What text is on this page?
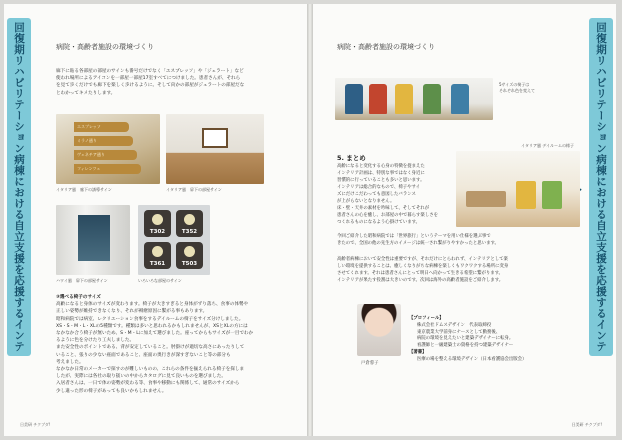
回復期リハビリテーション病棟における自立支援を応援するインテ
病院・高齢者施設の環境づくり
廊下に貼る各部屋の部屋のサインも番号だけでなく「エスプレッソ」や「ジェラート」など
使われ場所によるアイコンを一部屋一部屋17室すべてにつけました。患者さんが、それら
を見て歩くだけでも廊下を楽しく歩けるように。そして向かの部屋がジェラートの部屋だな
とわかってキメたりします。
エスプレッソ
ミラノ通り
ヴェネチア通り
フィレンツェ
イタリア風　廊下の誘導サイン	イタリア風　扉下の部屋サイン
ハワイ風　扉下の部屋サイン
T302	T352
T361	T503
いろいろな部屋のサイン
③選べる椅子のサイズ
高齢になると身体のサイズが変わります。椅子が大きすぎると身体がずり落ち、食事の体勢や
正しい姿勢が維持できなくなり、それが褥瘡原因に繋がる事もあります。
昭和病院では病室、レクリエーション食事をするデイルームの椅子をサイズ分けしました。
XS・S・M・L・XLの5種類です。種類は多いと思われるかもしれませんが、XSとXLの方には
なかなか合う椅子が無いため、S・M・Lに加えて選びました。座ってからもサイズが一目でわか
るように色を分けたり工夫しました。
また安全性のポイントである、背が安定していること。肘掛けが適切な高さにあったりして
いること、張りの少ない座面であること、座面の奥行きが深すぎないこと等の部分も
考えました。
なかなか日常のメーカーで探すのが難しいものの、これらの条件を揃えられる椅子を探しま
したが、実際には各社の取り扱いの中からカタログに見て良いものを選びました。
入居者さんは、一日で体の姿勢が変わる等、食事や移動にも関係して、通常のサイズから
少し違った形の椅子があっても良いかもしれません。
日美研 チクブダ!
回復期リハビリテーション病棟における自立支援を応援するインテ
病院・高齢者施設の環境づくり
5サイズの椅子は
それぞれ色を変えて
イタリア風 デイルームの様子
5. まとめ
高齢になると変化する心身の特徴を捉まえた
インテリア計画は、特別な事ではなく身近に
習慣的に行っていることも多いと思います。
インテリアは総合的なもので、椅子やサイ
ズにだけこだわっても意図したバランス
が上がらないとなりません。
床・壁・天井の素材を吟味して、そしてそれが
患者さんの心を癒し、お部屋の中で暮らす楽しさを
つくれるものになるよう心掛けています。
今回ご紹介した昭和病院では「世界旅行」というテーマを用い仕様を選ぶ事で
きたので、全国の他の先生方のイメージは統一され繋がりやすかったと思います。
高齢者病棟において安全性は重要ですが、それだけにとらわれず、インテリアとして楽
しい環境を提供することは、癒しくなりがちな病棟を楽しくもワクワクする場所に変身
させてくれます。それは患者さんにとって明日へ向かって生きる希望に繋がります。
インテリアが果たす役割は大きいのです。次回は海外の高齢者施設をご紹介します。
戸倉蓉子
【プロフィール】
株式会社ドムスデザイン　代表取締役
東京農業大学前身にナースとして勤務後、
病院の環境を見えたいと建築デザイナーに転身。
看護師と一級建築士の資格を持つ建築デザイナー
【著書】
医療の場を整える環境デザイン（日本看護協会出版会）
日美研 チクブダ!
